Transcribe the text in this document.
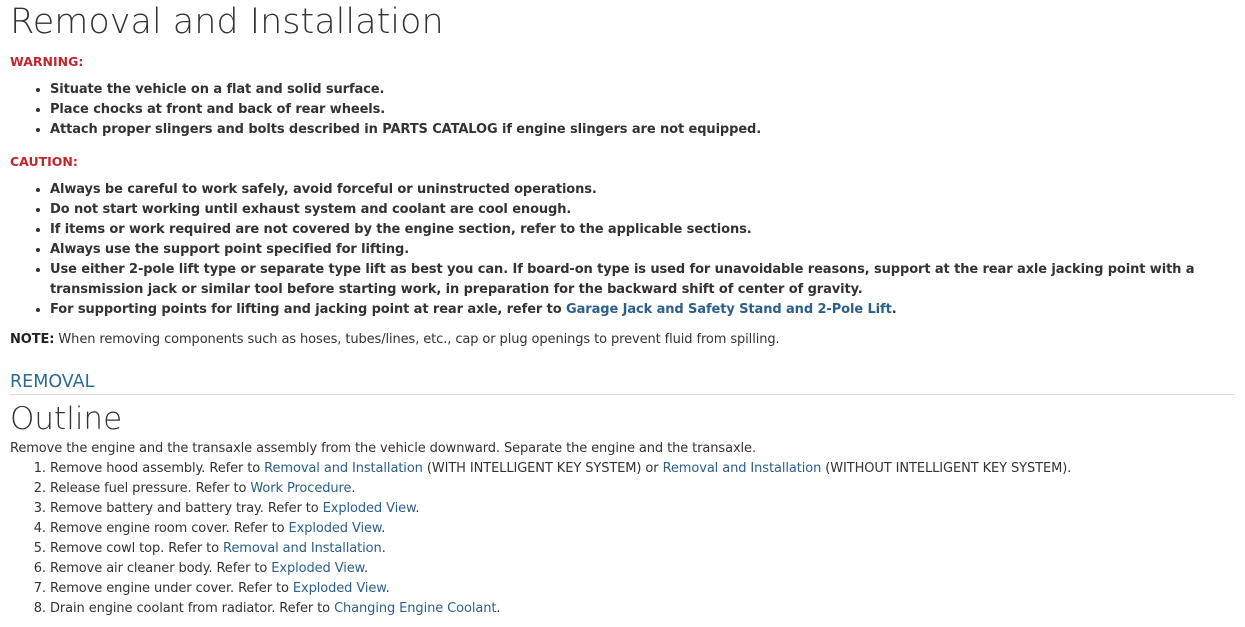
Removal and Installation
WARNING:
• Situate the vehicle on a flat and solid surface.
• Place chocks at front and back of rear wheels.
• Attach proper slingers and bolts described in PARTS CATALOG if engine slingers are not equipped.
CAUTION:
• Always be careful to work safely, avoid forceful or uninstructed operations.
• Do not start working until exhaust system and coolant are cool enough.
• If items or work required are not covered by the engine section, refer to the applicable sections.
• Always use the support point specified for lifting.
• Use either 2-pole lift type or separate type lift as best you can. If board-on type is used for unavoidable reasons, support at the rear axle jacking point with a transmission jack or similar tool before starting work, in preparation for the backward shift of center of gravity.
• For supporting points for lifting and jacking point at rear axle, refer to Garage Jack and Safety Stand and 2-Pole Lift.
NOTE: When removing components such as hoses, tubes/lines, etc., cap or plug openings to prevent fluid from spilling.
REMOVAL
Outline
Remove the engine and the transaxle assembly from the vehicle downward. Separate the engine and the transaxle.
1. Remove hood assembly. Refer to Removal and Installation (WITH INTELLIGENT KEY SYSTEM) or Removal and Installation (WITHOUT INTELLIGENT KEY SYSTEM).
2. Release fuel pressure. Refer to Work Procedure.
3. Remove battery and battery tray. Refer to Exploded View.
4. Remove engine room cover. Refer to Exploded View.
5. Remove cowl top. Refer to Removal and Installation.
6. Remove air cleaner body. Refer to Exploded View.
7. Remove engine under cover. Refer to Exploded View.
8. Drain engine coolant from radiator. Refer to Changing Engine Coolant.
